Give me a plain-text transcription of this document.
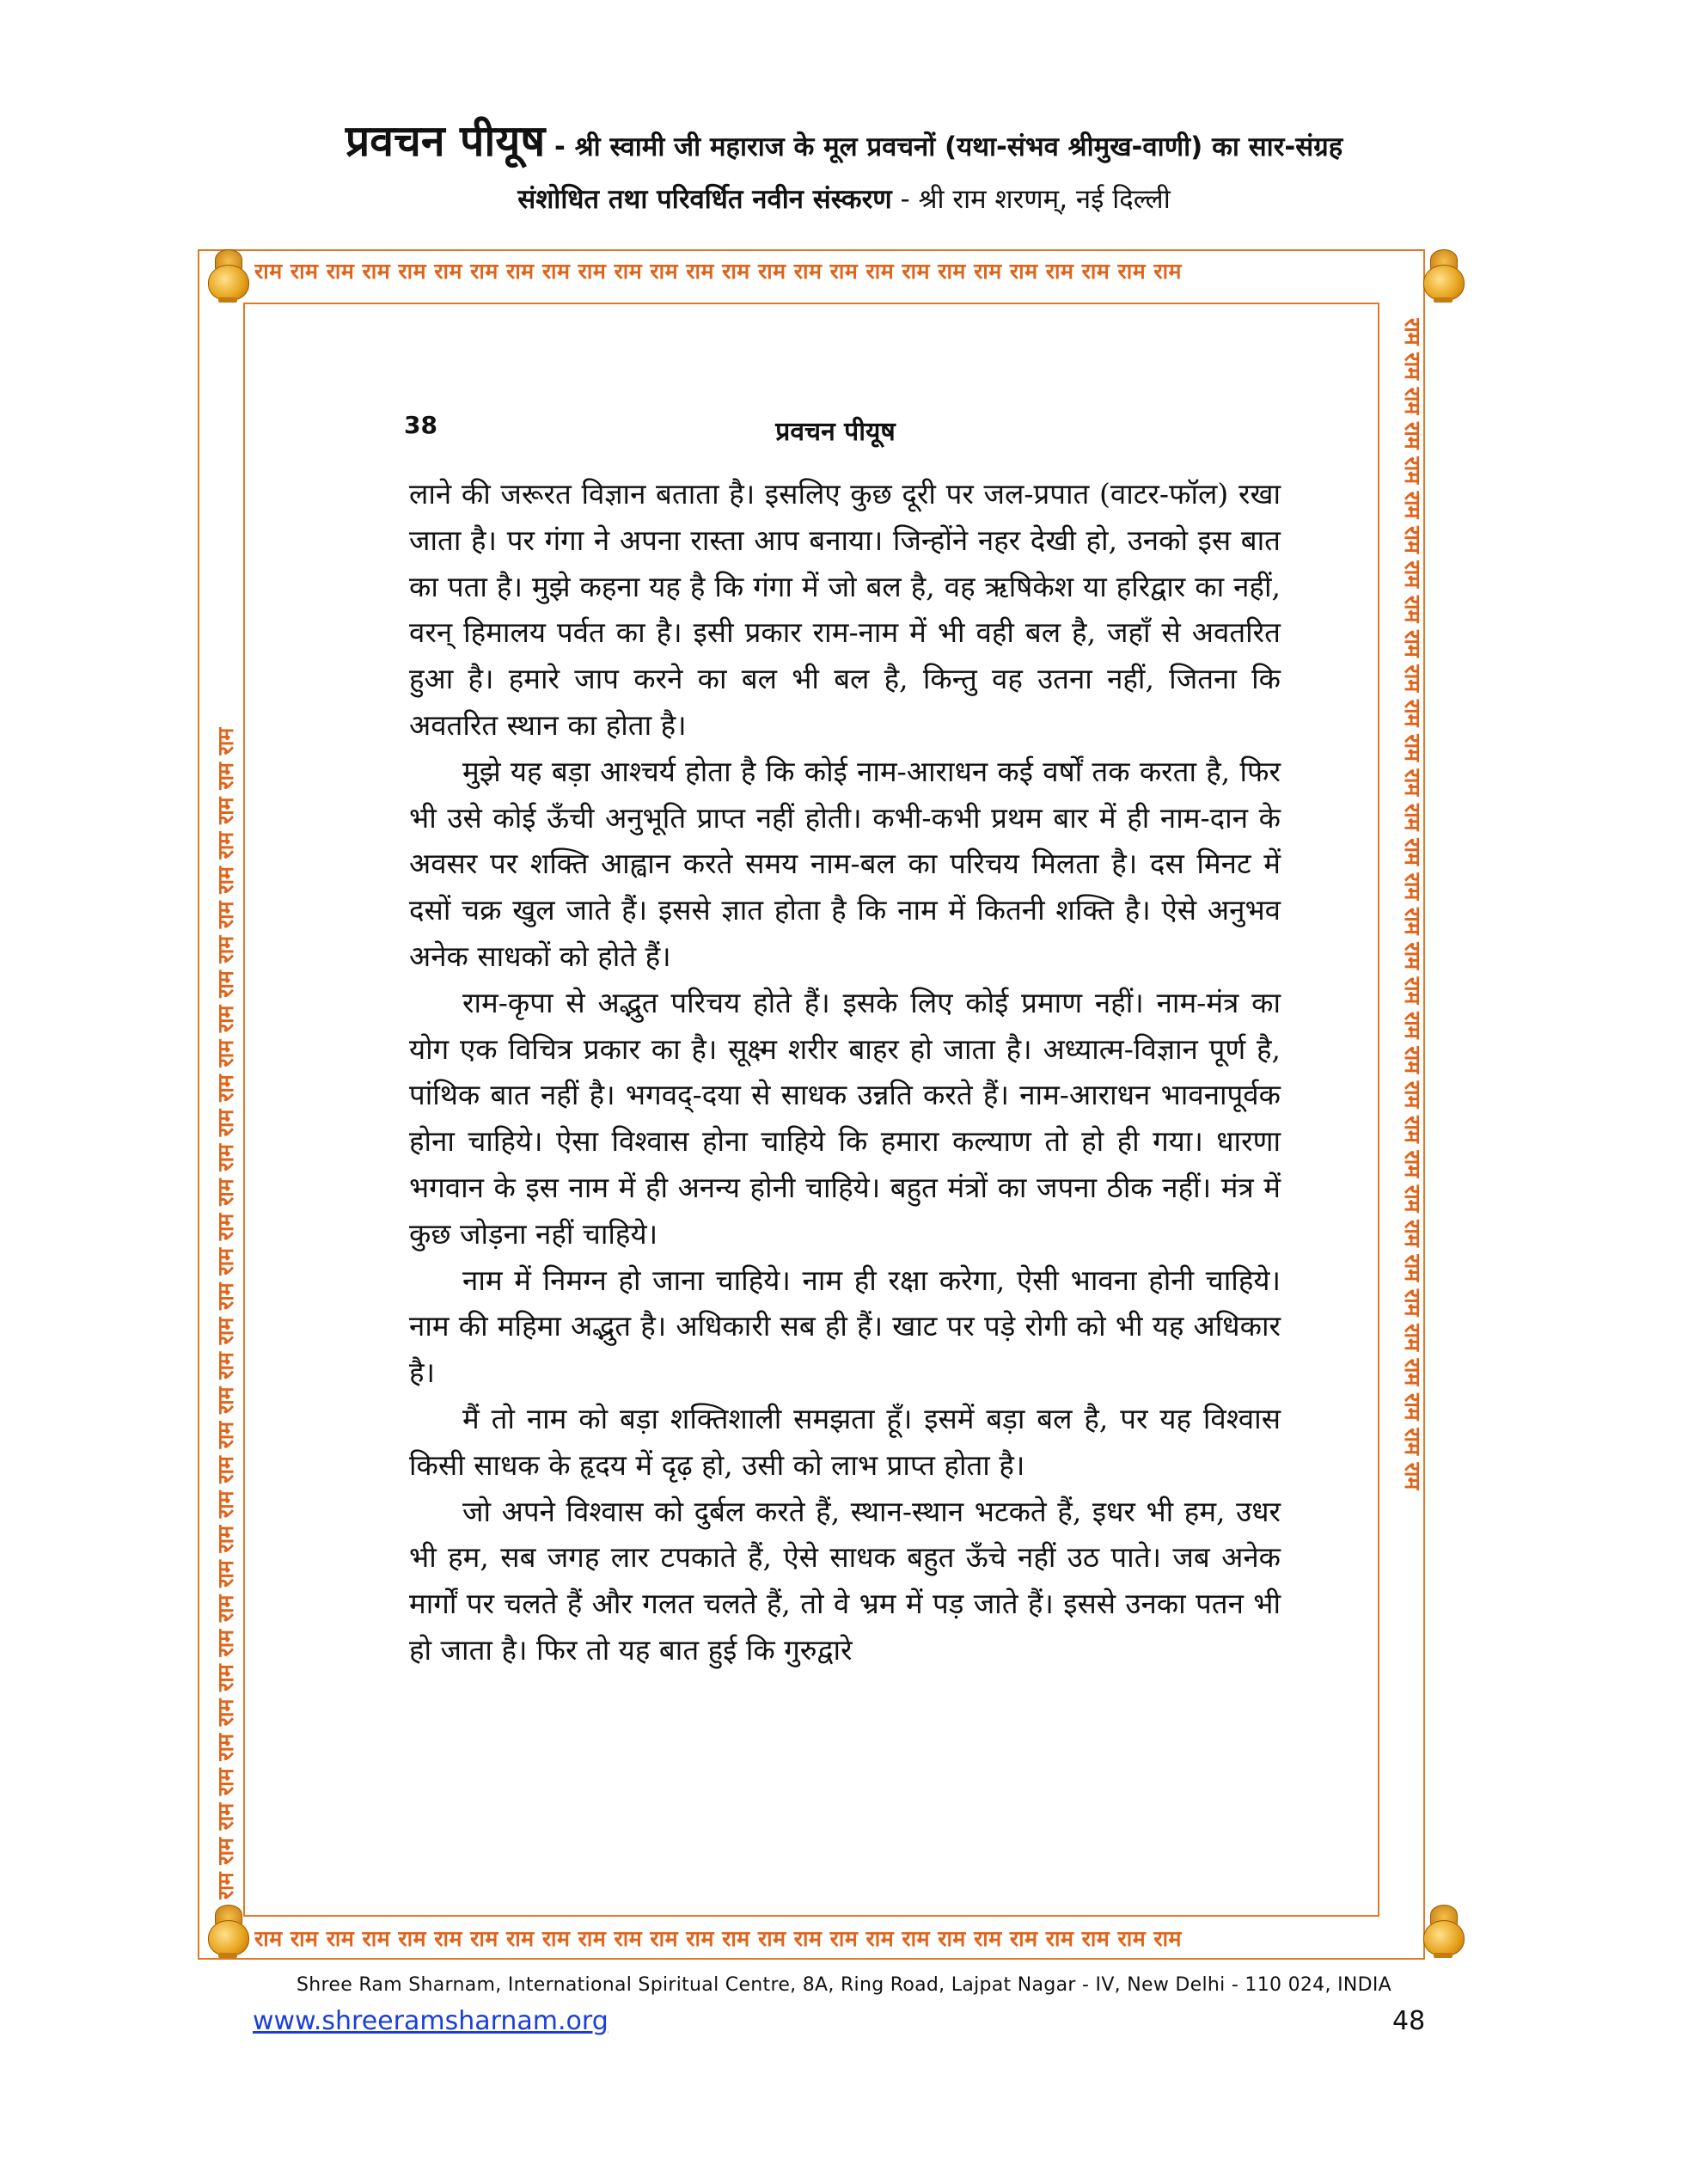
प्रवचन पीयूष - श्री स्वामी जी महाराज के मूल प्रवचनों (यथा-संभव श्रीमुख-वाणी) का सार-संग्रह
संशोधित तथा परिवर्धित नवीन संस्करण - श्री राम शरणम्, नई दिल्ली
राम राम राम राम राम राम राम राम राम राम राम राम राम राम राम राम राम राम राम राम राम राम राम राम राम राम
राम राम राम राम राम राम राम राम राम राम राम राम राम राम राम राम राम राम राम राम राम राम राम राम राम राम
राम राम राम राम राम राम राम राम राम राम राम राम राम राम राम राम राम राम राम राम राम राम राम राम राम राम राम राम राम राम राम राम राम राम	राम राम राम राम राम राम राम राम राम राम राम राम राम राम राम राम राम राम राम राम राम राम राम राम राम राम राम राम राम राम राम राम राम राम
38	प्रवचन पीयूष

लाने की जरूरत विज्ञान बताता है। इसलिए कुछ दूरी पर जल-प्रपात (वाटर-फॉल) रखा जाता है। पर गंगा ने अपना रास्ता आप बनाया। जिन्होंने नहर देखी हो, उनको इस बात का पता है। मुझे कहना यह है कि गंगा में जो बल है, वह ऋषिकेश या हरिद्वार का नहीं, वरन् हिमालय पर्वत का है। इसी प्रकार राम-नाम में भी वही बल है, जहाँ से अवतरित हुआ है। हमारे जाप करने का बल भी बल है, किन्तु वह उतना नहीं, जितना कि अवतरित स्थान का होता है।

मुझे यह बड़ा आश्चर्य होता है कि कोई नाम-आराधन कई वर्षों तक करता है, फिर भी उसे कोई ऊँची अनुभूति प्राप्त नहीं होती। कभी-कभी प्रथम बार में ही नाम-दान के अवसर पर शक्ति आह्वान करते समय नाम-बल का परिचय मिलता है। दस मिनट में दसों चक्र खुल जाते हैं। इससे ज्ञात होता है कि नाम में कितनी शक्ति है। ऐसे अनुभव अनेक साधकों को होते हैं।

राम-कृपा से अद्भुत परिचय होते हैं। इसके लिए कोई प्रमाण नहीं। नाम-मंत्र का योग एक विचित्र प्रकार का है। सूक्ष्म शरीर बाहर हो जाता है। अध्यात्म-विज्ञान पूर्ण है, पांथिक बात नहीं है। भगवद्-दया से साधक उन्नति करते हैं। नाम-आराधन भावनापूर्वक होना चाहिये। ऐसा विश्वास होना चाहिये कि हमारा कल्याण तो हो ही गया। धारणा भगवान के इस नाम में ही अनन्य होनी चाहिये। बहुत मंत्रों का जपना ठीक नहीं। मंत्र में कुछ जोड़ना नहीं चाहिये।

नाम में निमग्न हो जाना चाहिये। नाम ही रक्षा करेगा, ऐसी भावना होनी चाहिये। नाम की महिमा अद्भुत है। अधिकारी सब ही हैं। खाट पर पड़े रोगी को भी यह अधिकार है।

मैं तो नाम को बड़ा शक्तिशाली समझता हूँ। इसमें बड़ा बल है, पर यह विश्वास किसी साधक के हृदय में दृढ़ हो, उसी को लाभ प्राप्त होता है।

जो अपने विश्वास को दुर्बल करते हैं, स्थान-स्थान भटकते हैं, इधर भी हम, उधर भी हम, सब जगह लार टपकाते हैं, ऐसे साधक बहुत ऊँचे नहीं उठ पाते। जब अनेक मार्गों पर चलते हैं और गलत चलते हैं, तो वे भ्रम में पड़ जाते हैं। इससे उनका पतन भी हो जाता है। फिर तो यह बात हुई कि गुरुद्वारे

Shree Ram Sharnam, International Spiritual Centre, 8A, Ring Road, Lajpat Nagar - IV, New Delhi - 110 024, INDIA
www.shreeramsharnam.org	48
